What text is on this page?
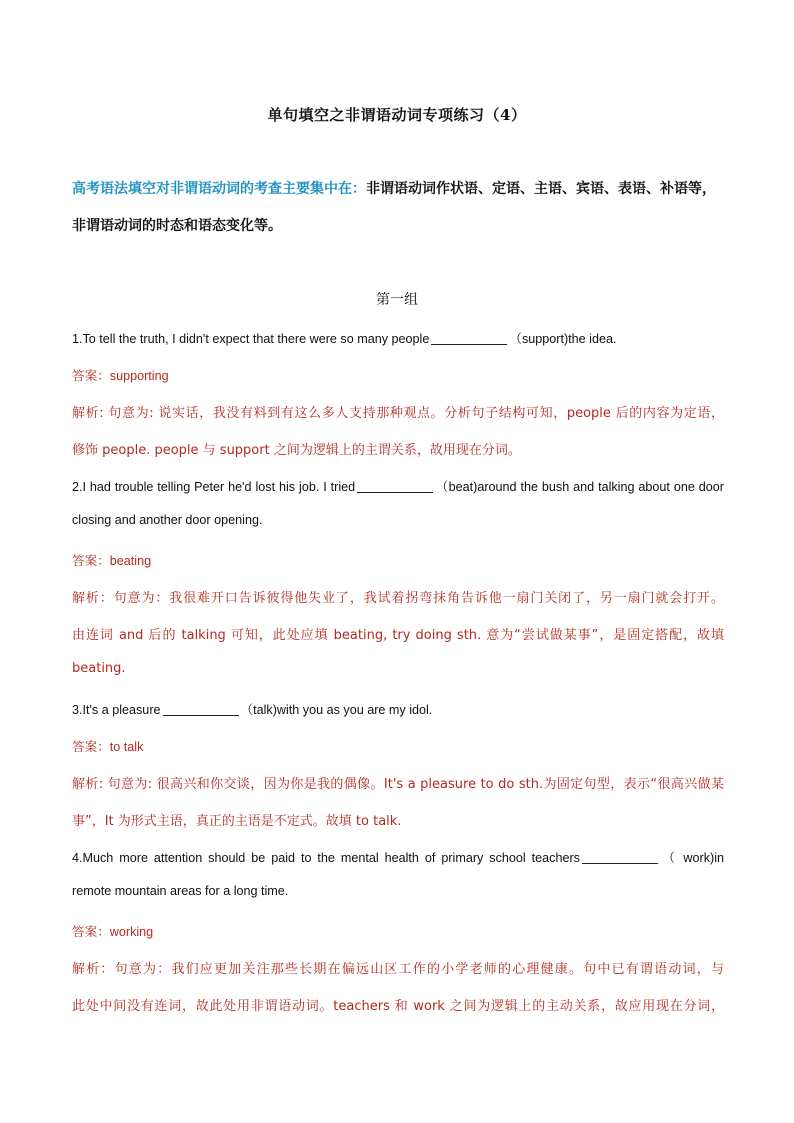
单句填空之非谓语动词专项练习（4）
高考语法填空对非谓语动词的考查主要集中在：非谓语动词作状语、定语、主语、宾语、表语、补语等，
非谓语动词的时态和语态变化等。
第一组
1.To tell the truth, I didn't expect that there were so many people	（support)the idea.
答案：supporting
解析: 句意为: 说实话，我没有料到有这么多人支持那种观点。分析句子结构可知，people 后的内容为定语，
修饰 people. people 与 support 之间为逻辑上的主谓关系，故用现在分词。
2.I had trouble telling Peter he'd lost his job. I tried	（beat)around the bush and talking about one door
closing and another door opening.
答案：beating
解析：句意为：我很难开口告诉彼得他失业了，我试着拐弯抹角告诉他一扇门关闭了，另一扇门就会打开。
由连词 and 后的 talking 可知，此处应填 beating, try doing sth. 意为“尝试做某事”，是固定搭配，故填
beating.
3.It's a pleasure	（talk)with you as you are my idol.
答案：to talk
解析: 句意为: 很高兴和你交谈，因为你是我的偶像。It's a pleasure to do sth.为固定句型，表示“很高兴做某
事”，It 为形式主语，真正的主语是不定式。故填 to talk.
4.Much more attention should be paid to the mental health of primary school teachers	（ work)in
remote mountain areas for a long time.
答案：working
解析：句意为：我们应更加关注那些长期在偏远山区工作的小学老师的心理健康。句中已有谓语动词，与
此处中间没有连词，故此处用非谓语动词。teachers 和 work 之间为逻辑上的主动关系，故应用现在分词，
